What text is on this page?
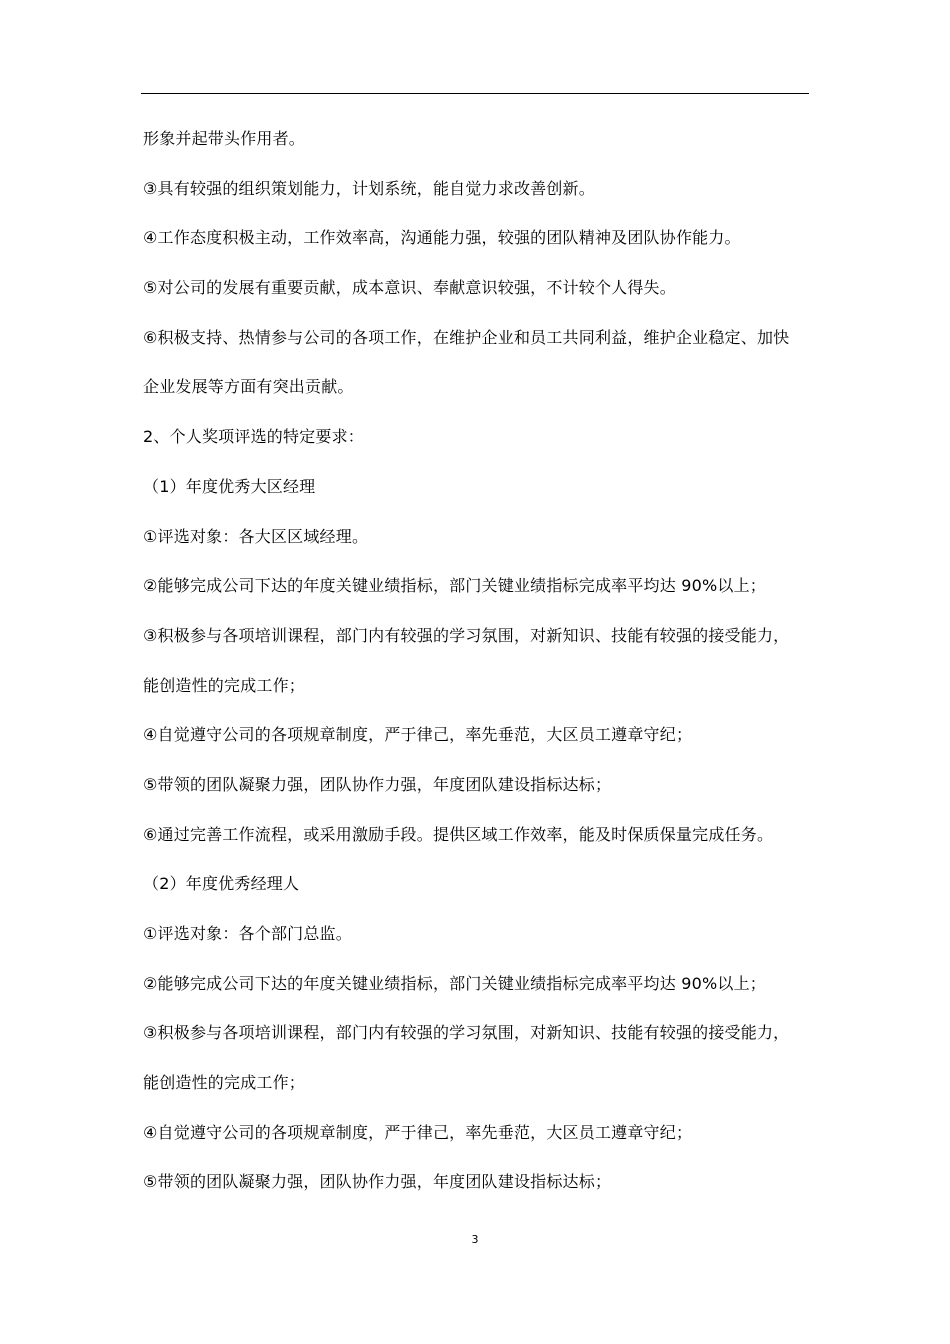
形象并起带头作用者。
③具有较强的组织策划能力，计划系统，能自觉力求改善创新。
④工作态度积极主动，工作效率高，沟通能力强，较强的团队精神及团队协作能力。
⑤对公司的发展有重要贡献，成本意识、奉献意识较强，不计较个人得失。
⑥积极支持、热情参与公司的各项工作，在维护企业和员工共同利益，维护企业稳定、加快
企业发展等方面有突出贡献。
2、个人奖项评选的特定要求：
（1）年度优秀大区经理
①评选对象：各大区区域经理。
②能够完成公司下达的年度关键业绩指标，部门关键业绩指标完成率平均达 90%以上；
③积极参与各项培训课程，部门内有较强的学习氛围，对新知识、技能有较强的接受能力，
能创造性的完成工作；
④自觉遵守公司的各项规章制度，严于律己，率先垂范，大区员工遵章守纪；
⑤带领的团队凝聚力强，团队协作力强，年度团队建设指标达标；
⑥通过完善工作流程，或采用激励手段。提供区域工作效率，能及时保质保量完成任务。
（2）年度优秀经理人
①评选对象：各个部门总监。
②能够完成公司下达的年度关键业绩指标，部门关键业绩指标完成率平均达 90%以上；
③积极参与各项培训课程，部门内有较强的学习氛围，对新知识、技能有较强的接受能力，
能创造性的完成工作；
④自觉遵守公司的各项规章制度，严于律己，率先垂范，大区员工遵章守纪；
⑤带领的团队凝聚力强，团队协作力强，年度团队建设指标达标；
3
